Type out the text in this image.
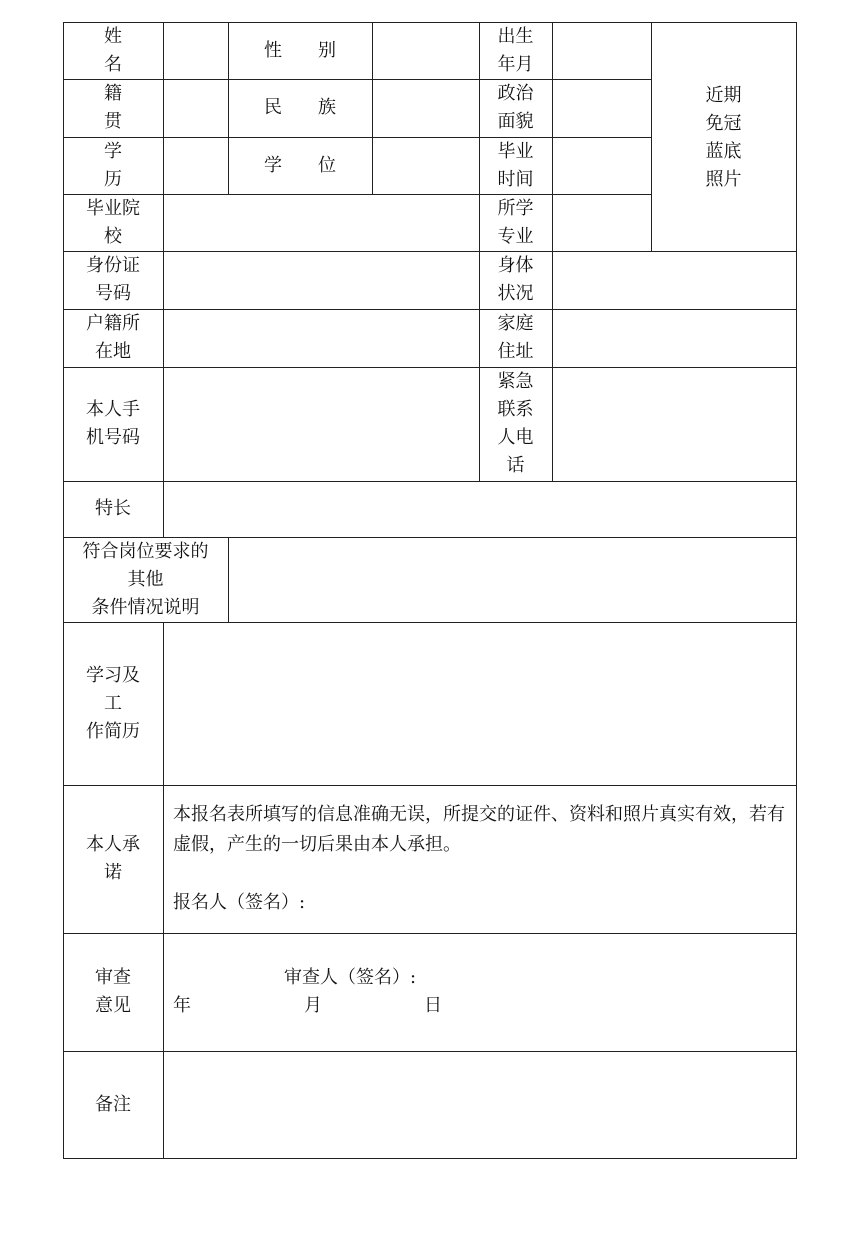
姓
名
性　　别
出生
年月
近期
免冠
蓝底
照片
籍
贯
民　　族
政治
面貌
学
历
学　　位
毕业
时间
毕业院
校
所学
专业
身份证
号码
身体
状况
户籍所
在地
家庭
住址
本人手
机号码
紧急
联系
人电
话
特长
符合岗位要求的
其他
条件情况说明
学习及
工
作简历
本人承
诺

本报名表所填写的信息准确无误，所提交的证件、资料和照片真实有效，若有虚假，产生的一切后果由本人承担。

报名人（签名）:

审查
意见
审查人（签名）:
年	月	日
备注
